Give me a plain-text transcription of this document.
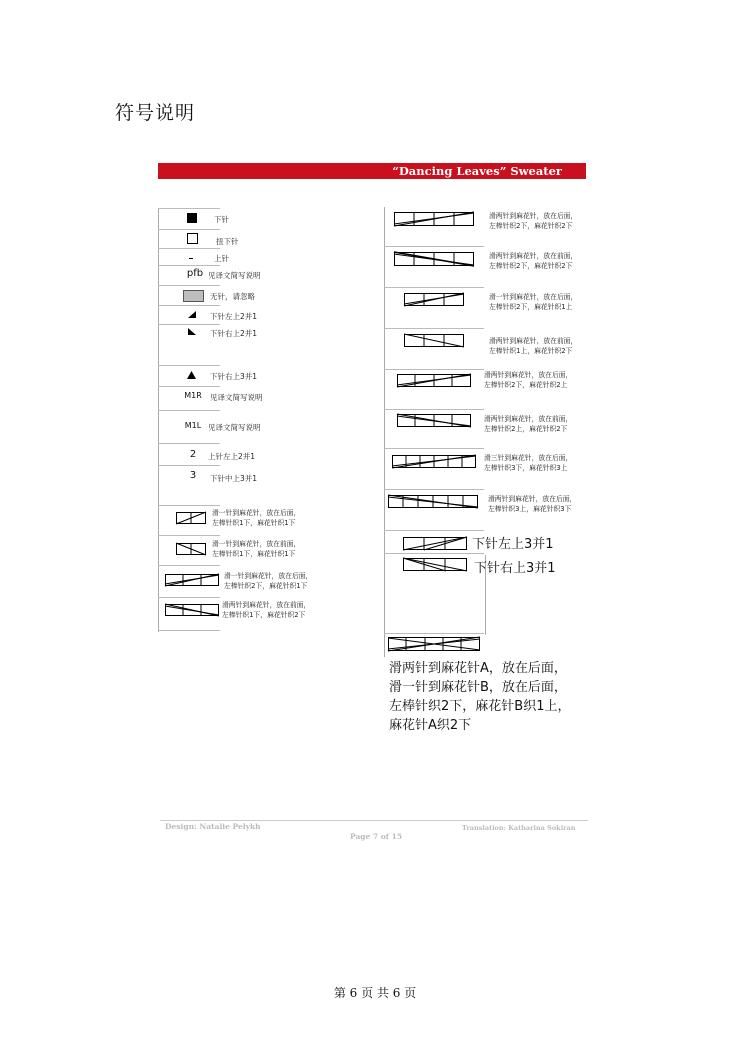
符号说明
“Dancing Leaves” Sweater
下针
扭下针
上针
pfb 见译文简写说明
无针，请忽略
下针左上2并1
下针右上2并1
下针右上3并1
M1R	见译文简写说明
M1L 见译文简写说明
2	上针左上2并1
3	下针中上3并1
滑一针到麻花针，放在后面，
左棒针织1下，麻花针织1下
滑一针到麻花针，放在前面，
左棒针织1下，麻花针织1下
滑一针到麻花针，放在后面，
左棒针织2下，麻花针织1下
滑两针到麻花针，放在前面，
左棒针织1下，麻花针织2下
滑两针到麻花针，放在后面，
左棒针织2下，麻花针织2下
滑两针到麻花针，放在前面，
左棒针织2下，麻花针织2下
滑一针到麻花针，放在后面，
左棒针织2下，麻花针织1上
滑两针到麻花针，放在前面，
左棒针织1上，麻花针织2下
滑两针到麻花针，放在后面，
左棒针织2下，麻花针织2上
滑两针到麻花针，放在前面，
左棒针织2上，麻花针织2下
滑三针到麻花针，放在后面，
左棒针织3下，麻花针织3上
滑两针到麻花针，放在后面，
左棒针织3上，麻花针织3下
下针左上3并1
下针右上3并1
滑两针到麻花针A，放在后面，
滑一针到麻花针B，放在后面，
左棒针织2下，麻花针B织1上，
麻花针A织2下
Design: Natalie Pelykh	Translation: Katharina Sokiran
Page 7 of 15
第 6 页 共 6 页
